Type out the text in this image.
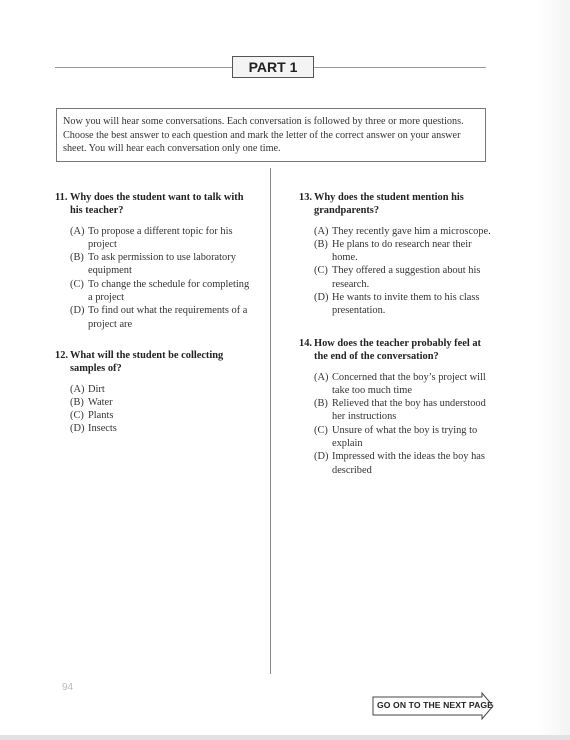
PART 1
Now you will hear some conversations. Each conversation is followed by three or more questions. Choose the best answer to each question and mark the letter of the correct answer on your answer sheet. You will hear each conversation only one time.
11. Why does the student want to talk with his teacher?
(A) To propose a different topic for his project
(B) To ask permission to use laboratory equipment
(C) To change the schedule for completing a project
(D) To find out what the requirements of a project are
12. What will the student be collecting samples of?
(A) Dirt
(B) Water
(C) Plants
(D) Insects
13. Why does the student mention his grandparents?
(A) They recently gave him a microscope.
(B) He plans to do research near their home.
(C) They offered a suggestion about his research.
(D) He wants to invite them to his class presentation.
14. How does the teacher probably feel at the end of the conversation?
(A) Concerned that the boy’s project will take too much time
(B) Relieved that the boy has understood her instructions
(C) Unsure of what the boy is trying to explain
(D) Impressed with the ideas the boy has described
94
GO ON TO THE NEXT PAGE
